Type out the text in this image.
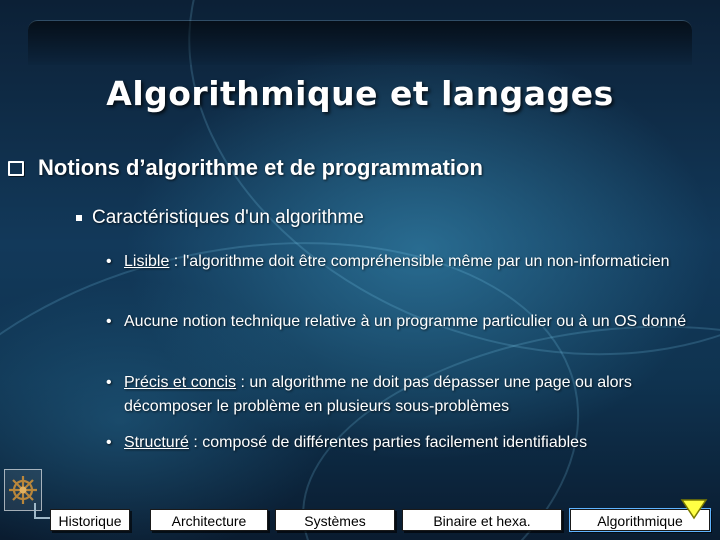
Algorithmique et langages
Notions d’algorithme et de programmation
Caractéristiques d'un algorithme
• Lisible : l'algorithme doit être compréhensible même par un non-informaticien
• Aucune notion technique relative à un programme particulier ou à un OS donné
• Précis et concis : un algorithme ne doit pas dépasser une page ou alors décomposer le problème en plusieurs sous-problèmes
• Structuré : composé de différentes parties facilement identifiables
Historique	Architecture	Systèmes	Binaire et hexa.	Algorithmique
